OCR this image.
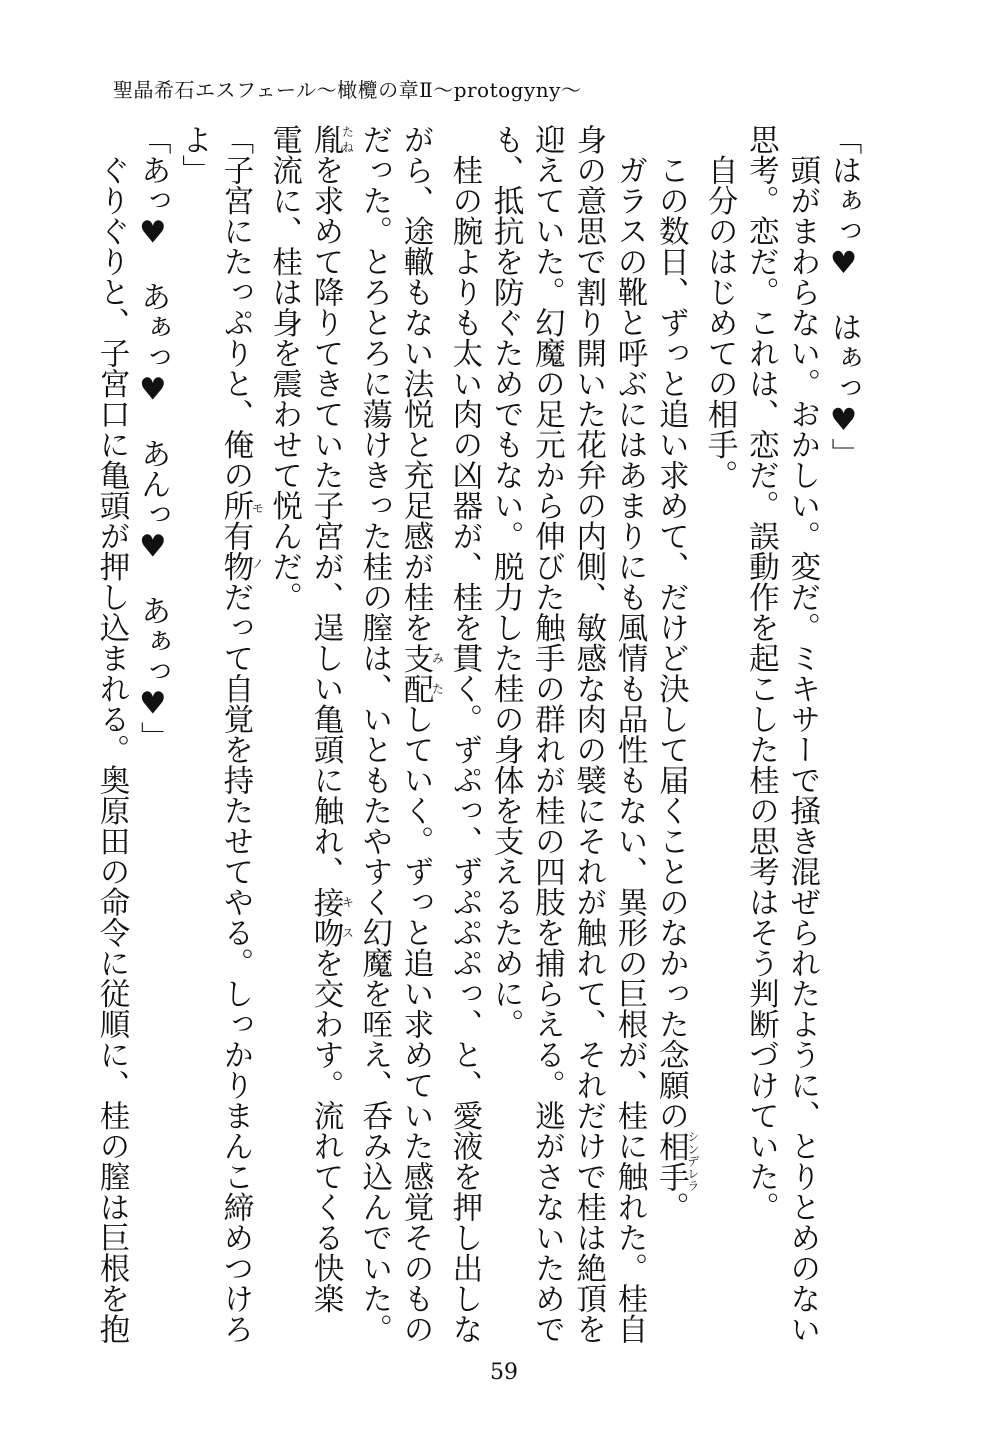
聖晶希石エスフェール～橄欖の章Ⅱ～protogyny～
「はぁっ♥　はぁっ♥」
　頭がまわらない。おかしい。変だ。ミキサーで掻き混ぜられたように、とりとめのない
思考。恋だ。これは、恋だ。誤動作を起こした桂の思考はそう判断づけていた。
　自分のはじめての相手。
　この数日、ずっと追い求めて、だけど決して届くことのなかった念願の相手シンデレラ。
　ガラスの靴と呼ぶにはあまりにも風情も品性もない、異形の巨根が、桂に触れた。桂自
身の意思で割り開いた花弁の内側、敏感な肉の襞にそれが触れて、それだけで桂は絶頂を
迎えていた。幻魔の足元から伸びた触手の群れが桂の四肢を捕らえる。逃がさないためで
も、抵抗を防ぐためでもない。脱力した桂の身体を支えるために。
　桂の腕よりも太い肉の凶器が、桂を貫く。ずぷっ、ずぷぷぷっ、と、愛液を押し出しな
がら、途轍もない法悦と充足感が桂を支配みたしていく。ずっと追い求めていた感覚そのもの
だった。とろとろに蕩けきった桂の膣は、いともたやすく幻魔を咥え、呑み込んでいた。
胤たねを求めて降りてきていた子宮が、逞しい亀頭に触れ、接吻キスを交わす。流れてくる快楽
電流に、桂は身を震わせて悦んだ。
「子宮にたっぷりと、俺の所有物モノだって自覚を持たせてやる。しっかりまんこ締めつけろ
よ」
「あっ♥　あぁっ♥　あんっ♥　あぁっ♥」
　ぐりぐりと、子宮口に亀頭が押し込まれる。奥原田の命令に従順に、桂の膣は巨根を抱
59
